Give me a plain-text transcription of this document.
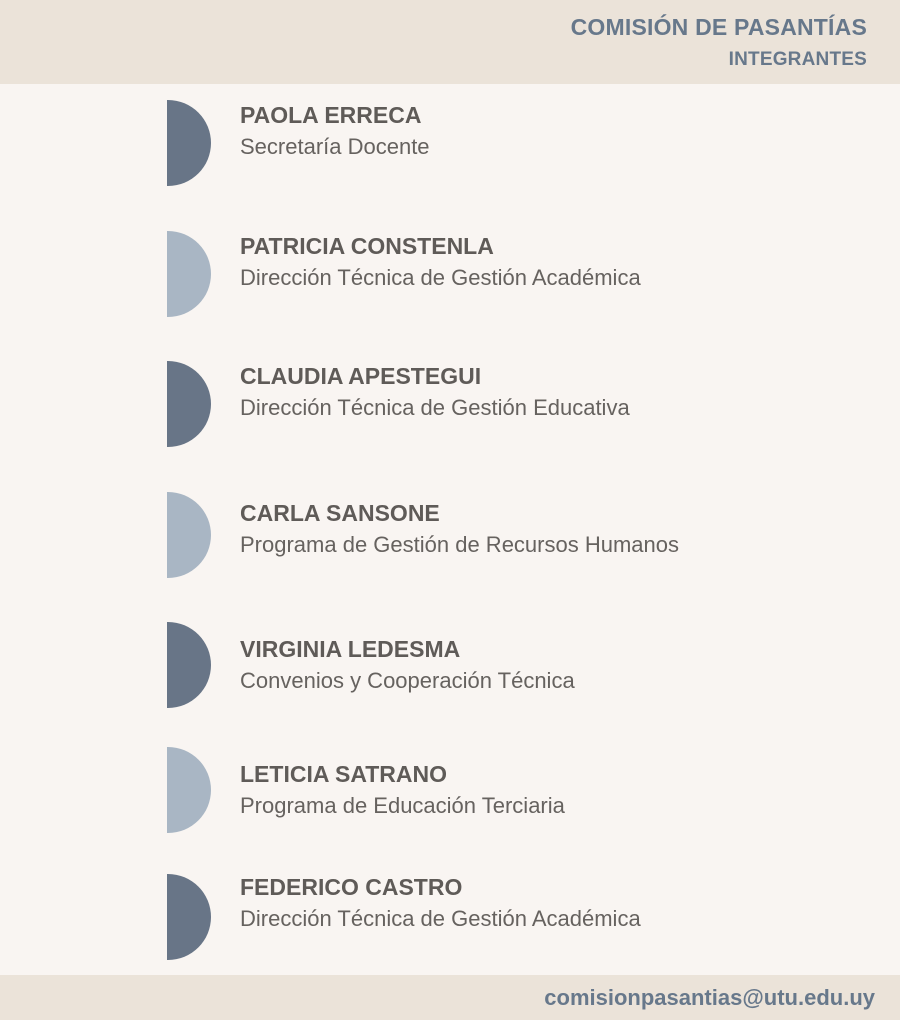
COMISIÓN DE PASANTÍAS
INTEGRANTES
PAOLA ERRECA
Secretaría Docente
PATRICIA CONSTENLA
Dirección Técnica de Gestión Académica
CLAUDIA APESTEGUI
Dirección Técnica de Gestión Educativa
CARLA SANSONE
Programa de Gestión de Recursos Humanos
VIRGINIA LEDESMA
Convenios y Cooperación Técnica
LETICIA SATRANO
Programa de Educación Terciaria
FEDERICO CASTRO
Dirección Técnica de Gestión Académica
comisionpasantias@utu.edu.uy
